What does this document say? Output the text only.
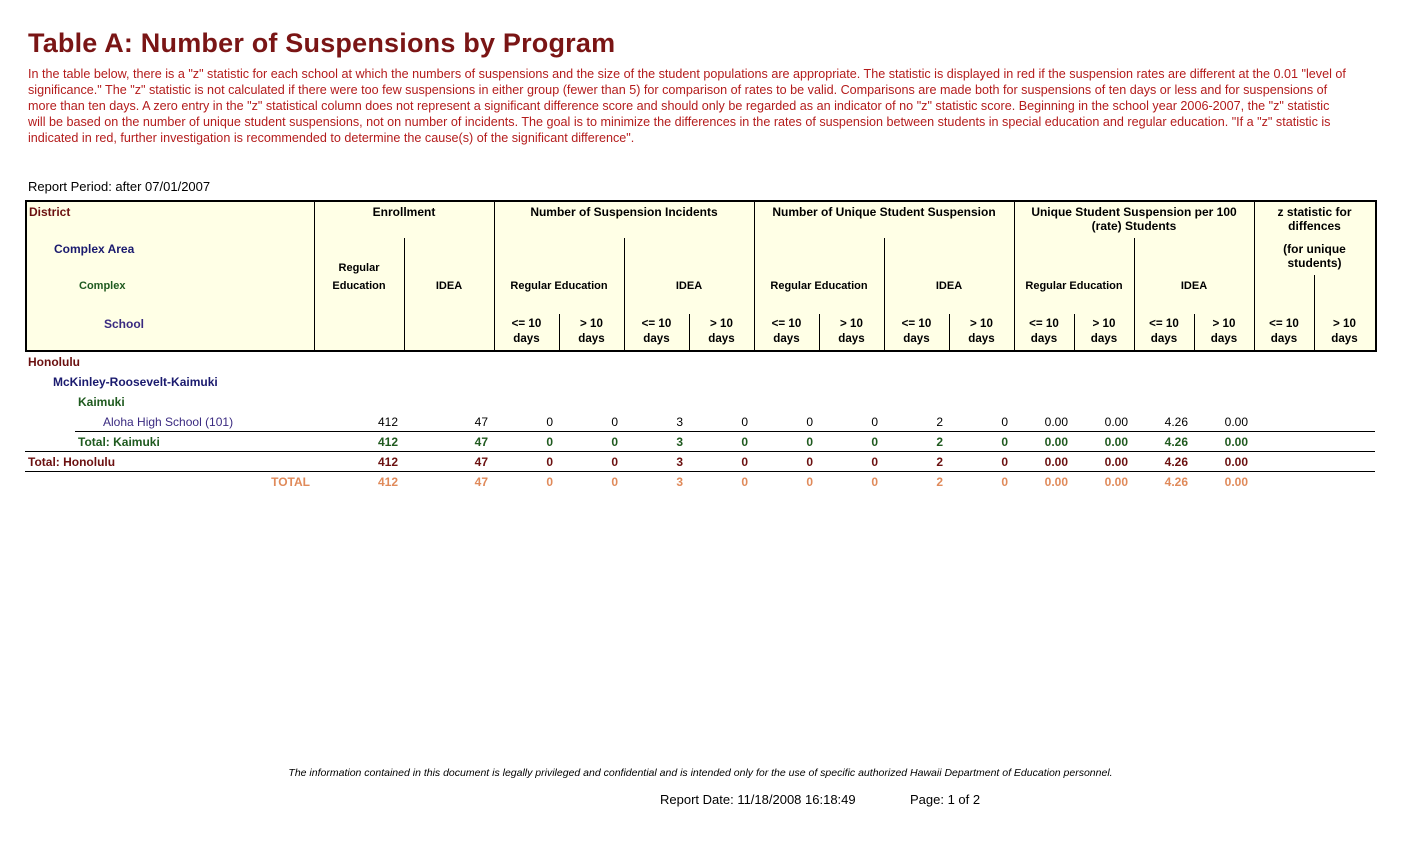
Table A: Number of Suspensions by Program

In the table below, there is a "z" statistic for each school at which the numbers of suspensions and the size of the student populations are appropriate. The statistic is displayed in red if the suspension rates are different at the 0.01 "level of significance." The "z" statistic is not calculated if there were too few suspensions in either group (fewer than 5) for comparison of rates to be valid. Comparisons are made both for suspensions of ten days or less and for suspensions of more than ten days. A zero entry in the "z" statistical column does not represent a significant difference score and should only be regarded as an indicator of no "z" statistic score. Beginning in the school year 2006-2007, the "z" statistic will be based on the number of unique student suspensions, not on number of incidents. The goal is to minimize the differences in the rates of suspension between students in special education and regular education. "If a "z" statistic is indicated in red, further investigation is recommended to determine the cause(s) of the significant difference".

Report Period: after 07/01/2007
District
Complex Area
Complex
School
Enrollment	Number of Suspension Incidents	Number of Unique Student Suspension	Unique Student Suspension per 100 (rate) Students
z statistic for diffences
(for unique students)
Regular
Education	IDEA	Regular Education	IDEA	Regular Education	IDEA	Regular Education	IDEA
<= 10	> 10	<= 10	> 10	<= 10	> 10	<= 10	> 10	<= 10	> 10	<= 10	> 10	<= 10	> 10
days	days	days	days	days	days	days	days	days	days	days	days	days	days
Honolulu
McKinley-Roosevelt-Kaimuki
Kaimuki
Aloha High School (101)	412	47	0	0	3	0	0	0	2	0	0.00	0.00	4.26	0.00
Total: Kaimuki	412	47	0	0	3	0	0	0	2	0	0.00	0.00	4.26	0.00
Total: Honolulu	412	47	0	0	3	0	0	0	2	0	0.00	0.00	4.26	0.00
TOTAL	412	47	0	0	3	0	0	0	2	0	0.00	0.00	4.26	0.00
The information contained in this document is legally privileged and confidential and is intended only for the use of specific authorized Hawaii Department of Education personnel.
Report Date: 11/18/2008 16:18:49	Page: 1 of 2
